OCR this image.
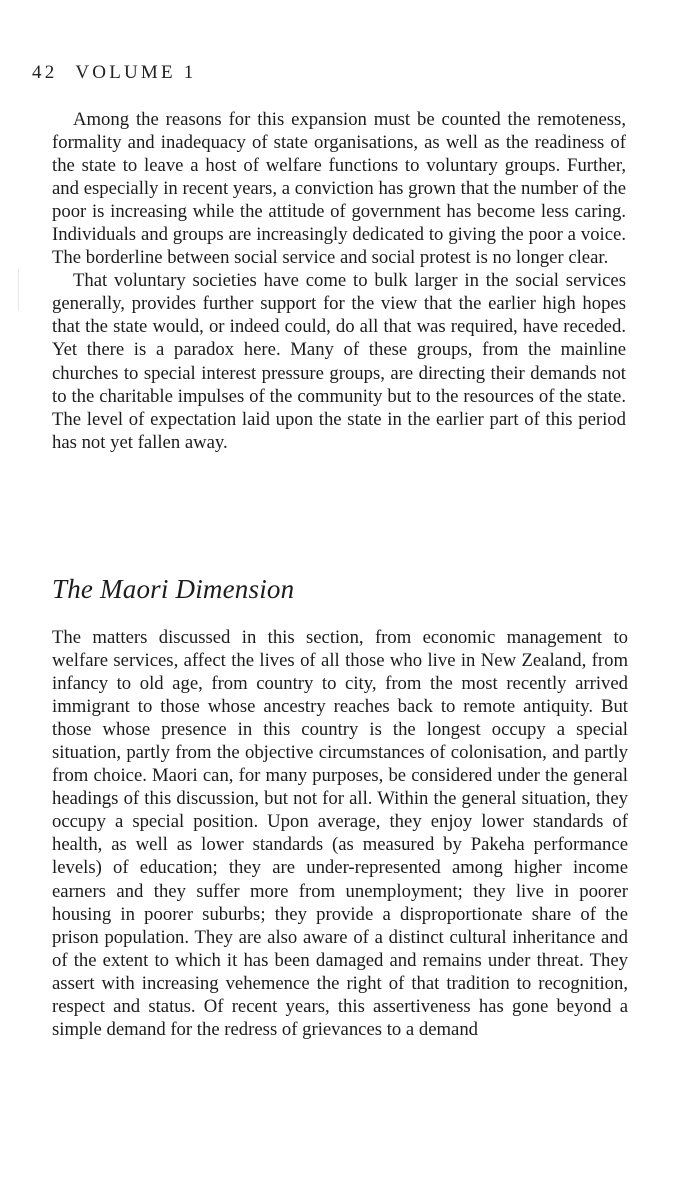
42 VOLUME 1

Among the reasons for this expansion must be counted the remoteness, formality and inadequacy of state organisations, as well as the readiness of the state to leave a host of welfare functions to voluntary groups. Further, and especially in recent years, a conviction has grown that the number of the poor is increasing while the attitude of government has become less caring. Individuals and groups are increasingly dedicated to giving the poor a voice. The borderline between social service and social protest is no longer clear.

That voluntary societies have come to bulk larger in the social services generally, provides further support for the view that the earlier high hopes that the state would, or indeed could, do all that was required, have receded. Yet there is a paradox here. Many of these groups, from the mainline churches to special interest pressure groups, are directing their demands not to the charitable impulses of the community but to the resources of the state. The level of expectation laid upon the state in the earlier part of this period has not yet fallen away.

The Maori Dimension

The matters discussed in this section, from economic management to welfare services, affect the lives of all those who live in New Zealand, from infancy to old age, from country to city, from the most recently arrived immigrant to those whose ancestry reaches back to remote antiquity. But those whose presence in this country is the longest occupy a special situation, partly from the objective circumstances of colonisation, and partly from choice. Maori can, for many purposes, be considered under the general headings of this discussion, but not for all. Within the general situation, they occupy a special position. Upon average, they enjoy lower standards of health, as well as lower standards (as measured by Pakeha performance levels) of education; they are under-represented among higher income earners and they suffer more from unemployment; they live in poorer housing in poorer suburbs; they provide a disproportionate share of the prison population. They are also aware of a distinct cultural inheritance and of the extent to which it has been damaged and remains under threat. They assert with increasing vehemence the right of that tradition to recognition, respect and status. Of recent years, this assertiveness has gone beyond a simple demand for the redress of grievances to a demand
